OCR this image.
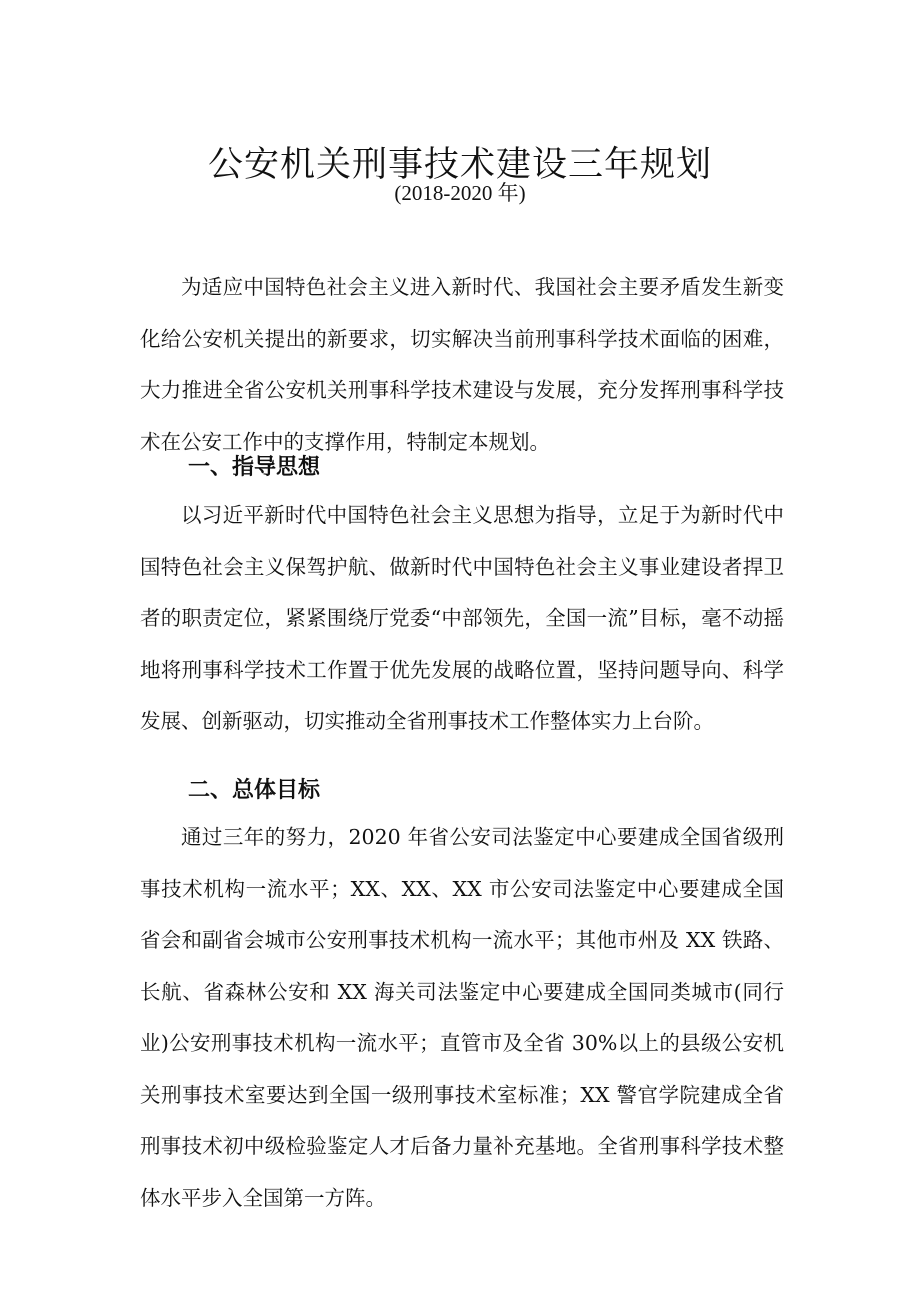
公安机关刑事技术建设三年规划
(2018-2020 年)

为适应中国特色社会主义进入新时代、我国社会主要矛盾发生新变化给公安机关提出的新要求，切实解决当前刑事科学技术面临的困难，大力推进全省公安机关刑事科学技术建设与发展，充分发挥刑事科学技术在公安工作中的支撑作用，特制定本规划。

一、指导思想

以习近平新时代中国特色社会主义思想为指导，立足于为新时代中国特色社会主义保驾护航、做新时代中国特色社会主义事业建设者捍卫者的职责定位，紧紧围绕厅党委“中部领先，全国一流”目标，毫不动摇地将刑事科学技术工作置于优先发展的战略位置，坚持问题导向、科学发展、创新驱动，切实推动全省刑事技术工作整体实力上台阶。

二、总体目标

通过三年的努力，2020 年省公安司法鉴定中心要建成全国省级刑事技术机构一流水平；XX、XX、XX 市公安司法鉴定中心要建成全国省会和副省会城市公安刑事技术机构一流水平；其他市州及 XX 铁路、长航、省森林公安和 XX 海关司法鉴定中心要建成全国同类城市(同行业)公安刑事技术机构一流水平；直管市及全省 30%以上的县级公安机关刑事技术室要达到全国一级刑事技术室标准；XX 警官学院建成全省刑事技术初中级检验鉴定人才后备力量补充基地。全省刑事科学技术整体水平步入全国第一方阵。
